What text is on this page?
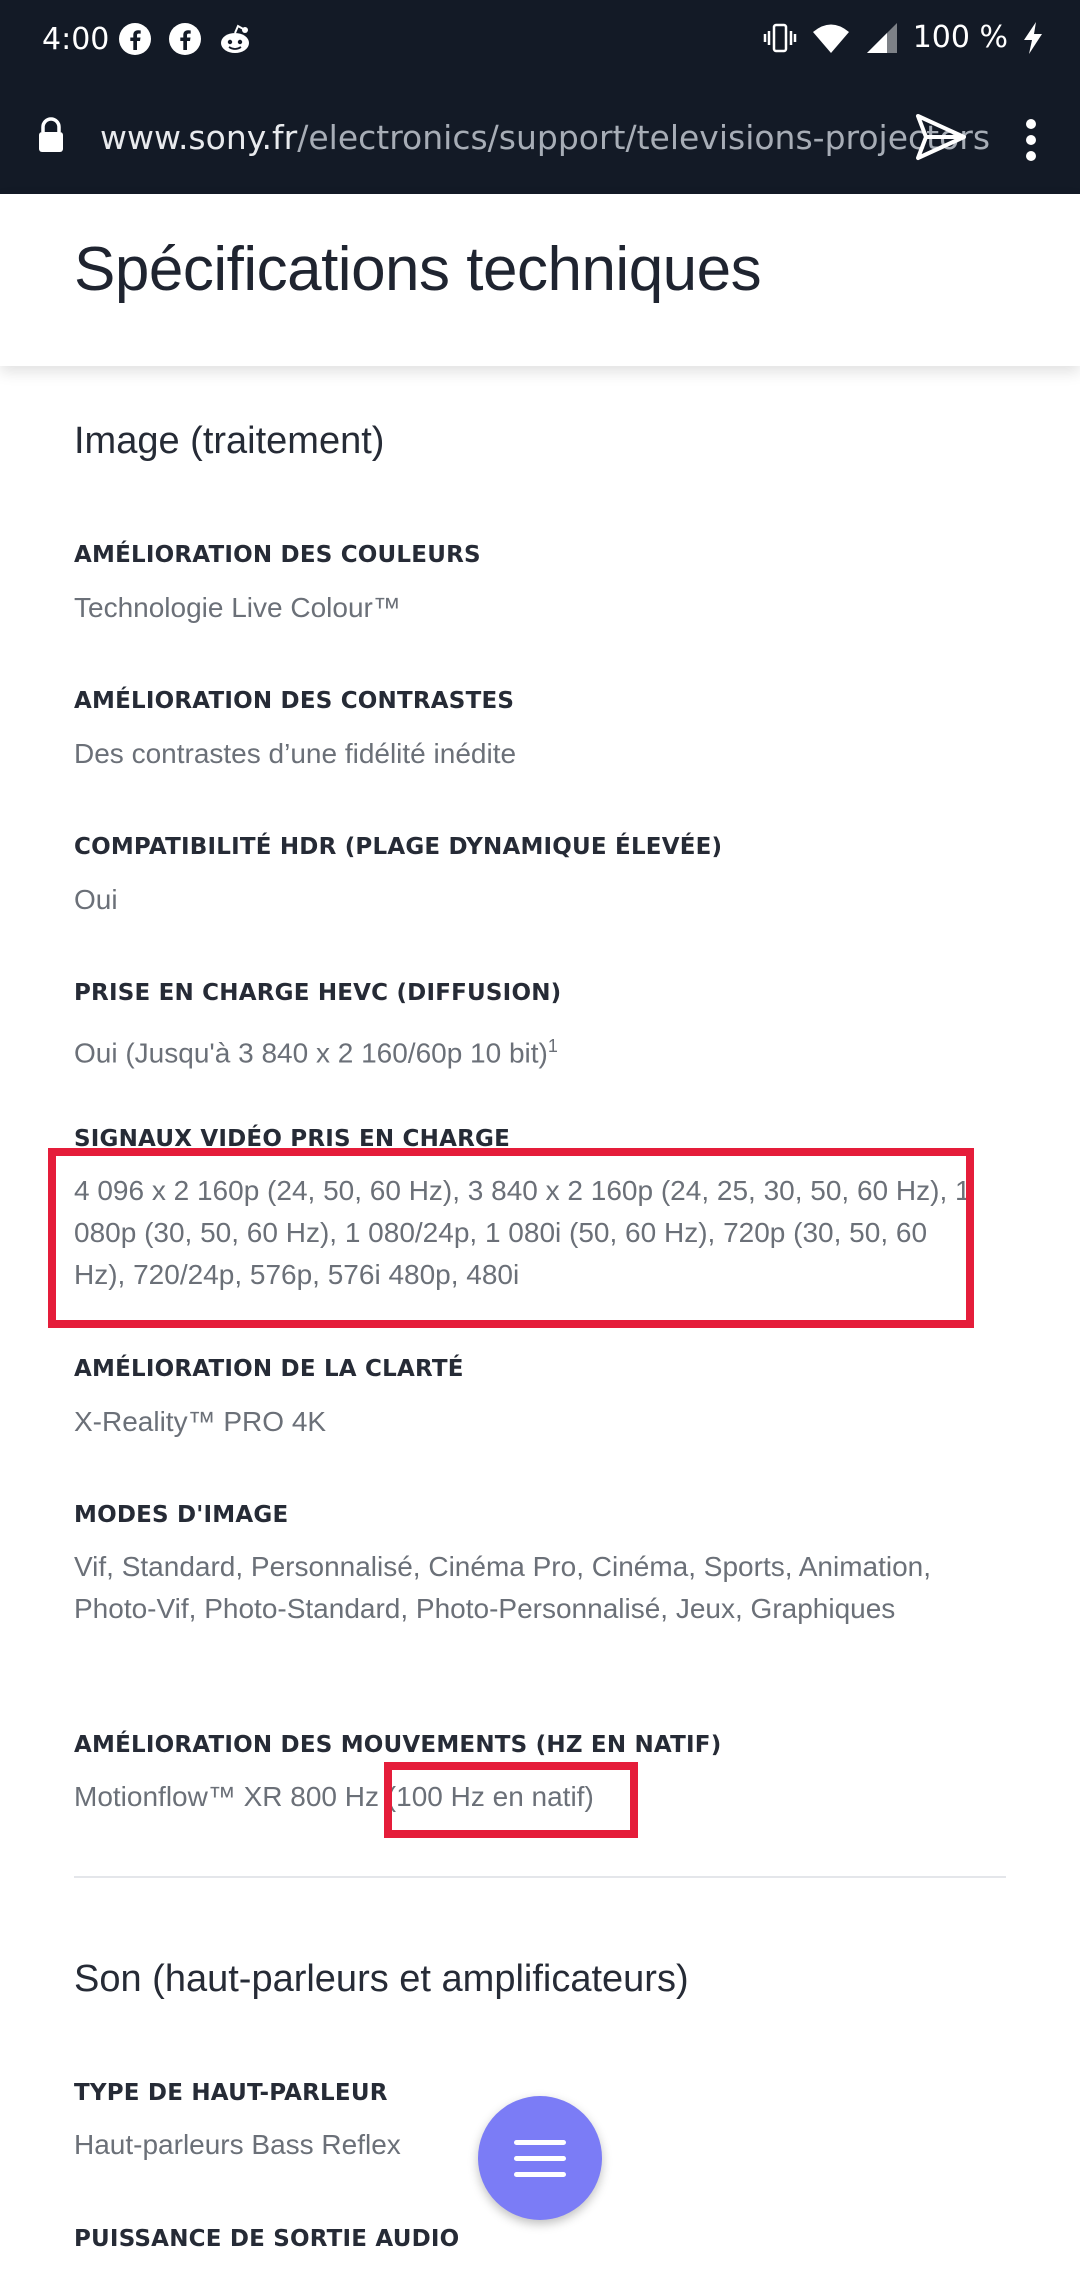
4:00	100 %
www.sony.fr/electronics/support/televisions-projectors
Spécifications techniques
Image (traitement)
AMÉLIORATION DES COULEURS
Technologie Live Colour™
AMÉLIORATION DES CONTRASTES
Des contrastes d’une fidélité inédite
COMPATIBILITÉ HDR (PLAGE DYNAMIQUE ÉLEVÉE)
Oui
PRISE EN CHARGE HEVC (DIFFUSION)
Oui (Jusqu'à 3 840 x 2 160/60p 10 bit)$^1$
SIGNAUX VIDÉO PRIS EN CHARGE
4 096 x 2 160p (24, 50, 60 Hz), 3 840 x 2 160p (24, 25, 30, 50, 60 Hz), 1 080p (30, 50, 60 Hz), 1 080/24p, 1 080i (50, 60 Hz), 720p (30, 50, 60 Hz), 720/24p, 576p, 576i 480p, 480i
AMÉLIORATION DE LA CLARTÉ
X-Reality™ PRO 4K
MODES D'IMAGE
Vif, Standard, Personnalisé, Cinéma Pro, Cinéma, Sports, Animation, Photo-Vif, Photo-Standard, Photo-Personnalisé, Jeux, Graphiques
AMÉLIORATION DES MOUVEMENTS (HZ EN NATIF)
Motionflow™ XR 800 Hz (100 Hz en natif)
Son (haut-parleurs et amplificateurs)
TYPE DE HAUT-PARLEUR
Haut-parleurs Bass Reflex
PUISSANCE DE SORTIE AUDIO
